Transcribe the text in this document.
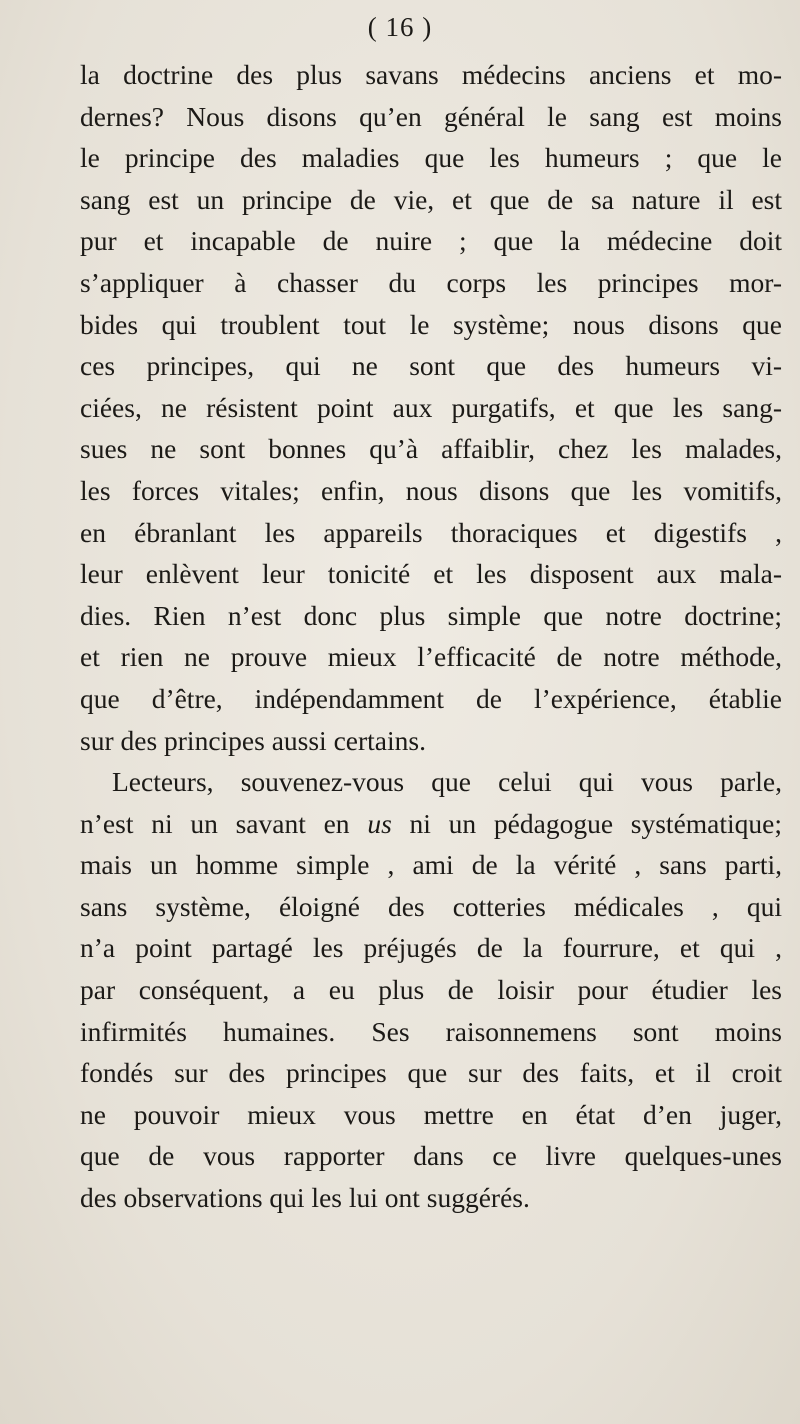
( 16 )
la doctrine des plus savans médecins anciens et mo-
dernes? Nous disons qu’en général le sang est moins
le principe des maladies que les humeurs ; que le
sang est un principe de vie, et que de sa nature il est
pur et incapable de nuire ; que la médecine doit
s’appliquer à chasser du corps les principes mor-
bides qui troublent tout le système; nous disons que
ces principes, qui ne sont que des humeurs vi-
ciées, ne résistent point aux purgatifs, et que les sang-
sues ne sont bonnes qu’à affaiblir, chez les malades,
les forces vitales; enfin, nous disons que les vomitifs,
en ébranlant les appareils thoraciques et digestifs ,
leur enlèvent leur tonicité et les disposent aux mala-
dies. Rien n’est donc plus simple que notre doctrine;
et rien ne prouve mieux l’efficacité de notre méthode,
que d’être, indépendamment de l’expérience, établie
sur des principes aussi certains.
Lecteurs, souvenez-vous que celui qui vous parle,
n’est ni un savant en us ni un pédagogue systématique;
mais un homme simple , ami de la vérité , sans parti,
sans système, éloigné des cotteries médicales , qui
n’a point partagé les préjugés de la fourrure, et qui ,
par conséquent, a eu plus de loisir pour étudier les
infirmités humaines. Ses raisonnemens sont moins
fondés sur des principes que sur des faits, et il croit
ne pouvoir mieux vous mettre en état d’en juger,
que de vous rapporter dans ce livre quelques-unes
des observations qui les lui ont suggérés.
